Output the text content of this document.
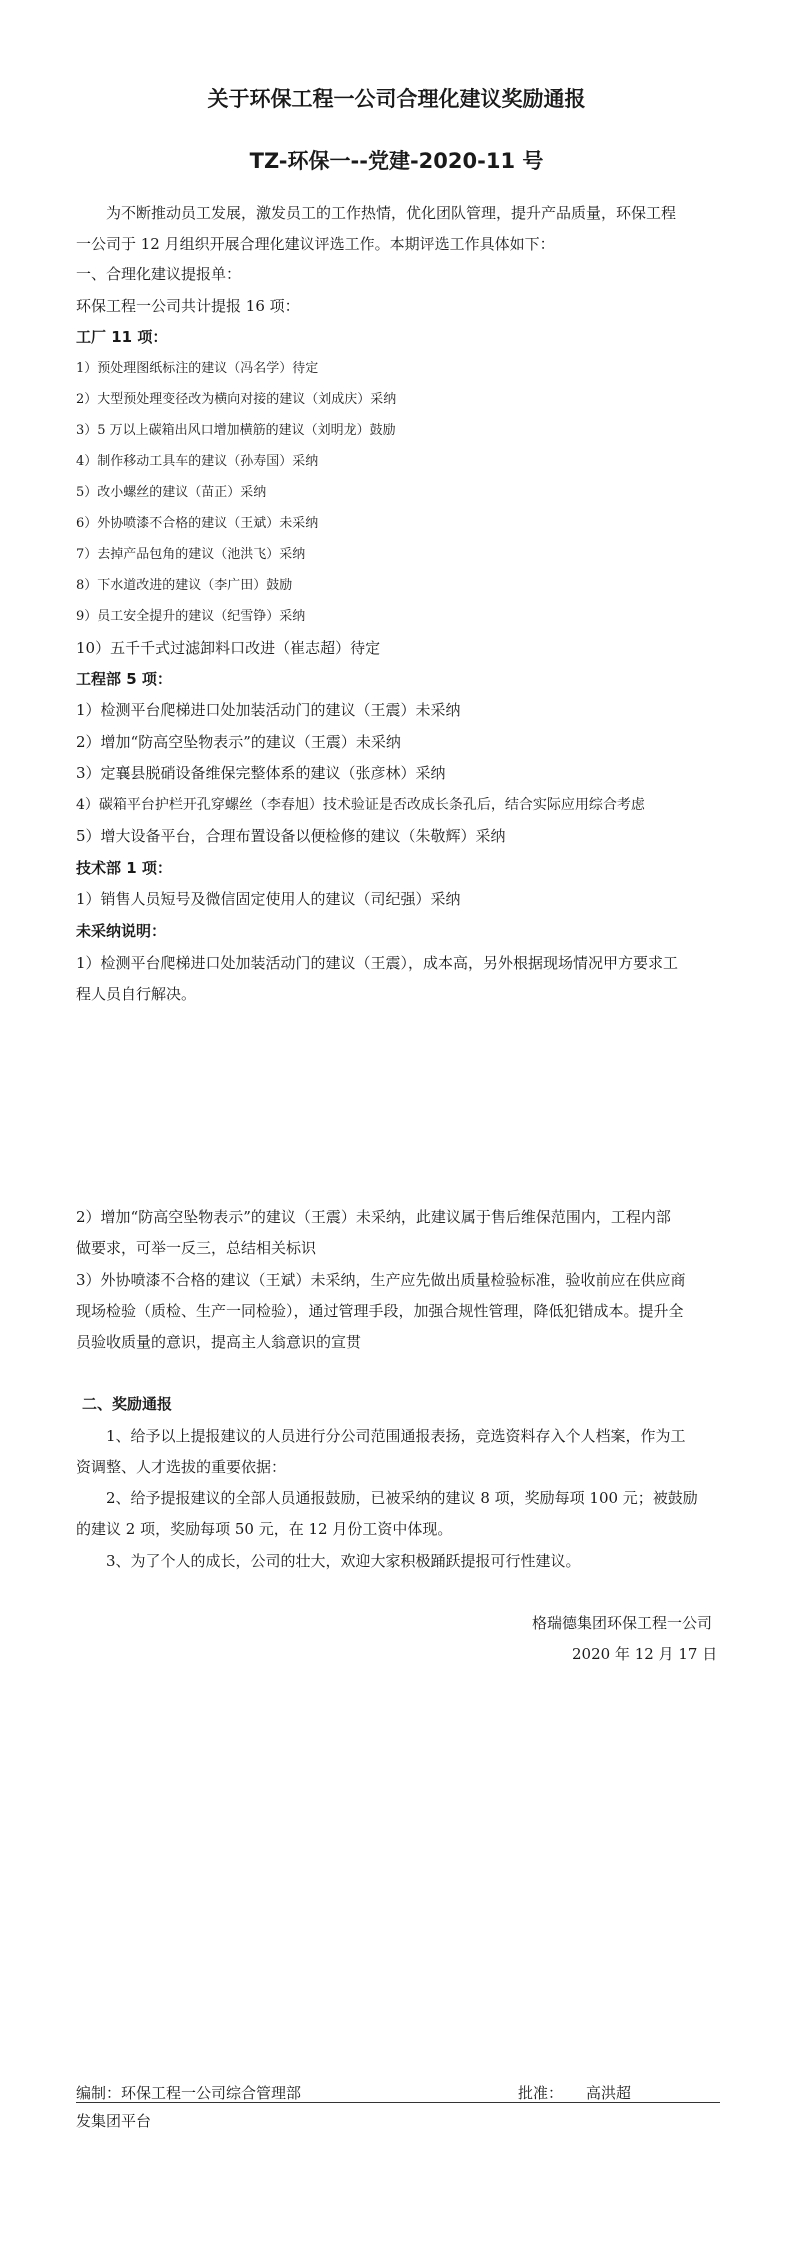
关于环保工程一公司合理化建议奖励通报
TZ-环保一--党建-2020-11 号
为不断推动员工发展，激发员工的工作热情，优化团队管理，提升产品质量，环保工程
一公司于 12 月组织开展合理化建议评选工作。本期评选工作具体如下：
一、合理化建议提报单：
环保工程一公司共计提报 16 项：
工厂 11 项：
1）预处理图纸标注的建议（冯名学）待定
2）大型预处理变径改为横向对接的建议（刘成庆）采纳
3）5 万以上碳箱出风口增加横筋的建议（刘明龙）鼓励
4）制作移动工具车的建议（孙寿国）采纳
5）改小螺丝的建议（苗正）采纳
6）外协喷漆不合格的建议（王斌）未采纳
7）去掉产品包角的建议（池洪飞）采纳
8）下水道改进的建议（李广田）鼓励
9）员工安全提升的建议（纪雪铮）采纳
10）五千千式过滤卸料口改进（崔志超）待定
工程部 5 项：
1）检测平台爬梯进口处加装活动门的建议（王震）未采纳
2）增加“防高空坠物表示”的建议（王震）未采纳
3）定襄县脱硝设备维保完整体系的建议（张彦林）采纳
4）碳箱平台护栏开孔穿螺丝（李春旭）技术验证是否改成长条孔后，结合实际应用综合考虑
5）增大设备平台，合理布置设备以便检修的建议（朱敬辉）采纳
技术部 1 项：
1）销售人员短号及微信固定使用人的建议（司纪强）采纳
未采纳说明：
1）检测平台爬梯进口处加装活动门的建议（王震），成本高，另外根据现场情况甲方要求工
程人员自行解决。
2）增加“防高空坠物表示”的建议（王震）未采纳，此建议属于售后维保范围内，工程内部
做要求，可举一反三，总结相关标识
3）外协喷漆不合格的建议（王斌）未采纳，生产应先做出质量检验标准，验收前应在供应商
现场检验（质检、生产一同检验），通过管理手段，加强合规性管理，降低犯错成本。提升全
员验收质量的意识，提高主人翁意识的宣贯
二、奖励通报
1、给予以上提报建议的人员进行分公司范围通报表扬，竞选资料存入个人档案，作为工
资调整、人才选拔的重要依据：
2、给予提报建议的全部人员通报鼓励，已被采纳的建议 8 项，奖励每项 100 元；被鼓励
的建议 2 项，奖励每项 50 元，在 12 月份工资中体现。
3、为了个人的成长，公司的壮大，欢迎大家积极踊跃提报可行性建议。
格瑞德集团环保工程一公司
2020 年 12 月 17 日
编制：环保工程一公司综合管理部	批准： 高洪超
发集团平台
